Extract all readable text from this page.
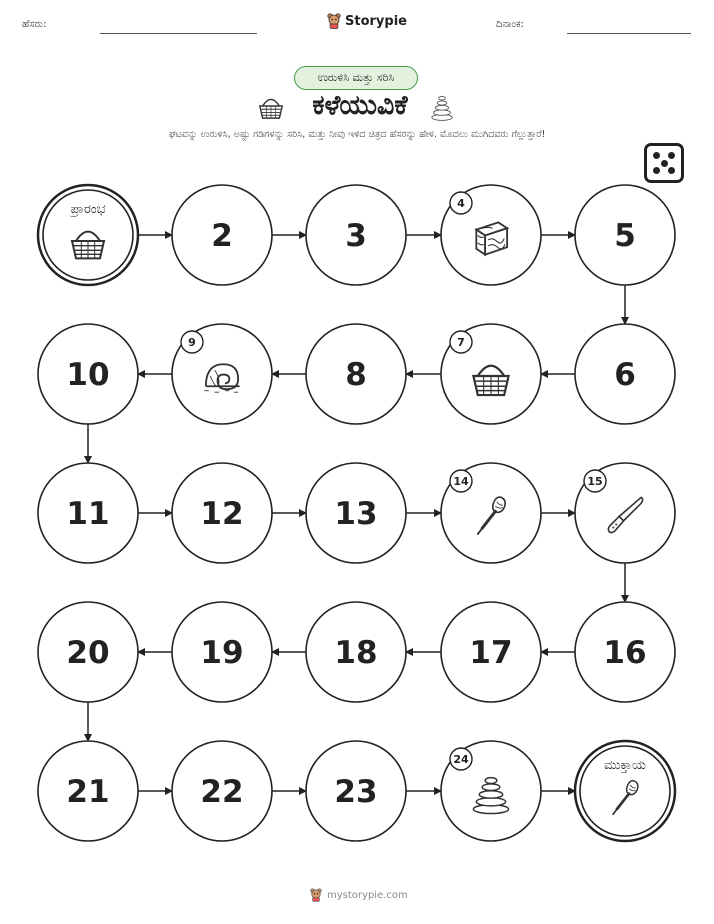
ಹೆಸರು:	Storypie	ದಿನಾಂಕ:
ಉರುಳಿಸಿ ಮತ್ತು ಸರಿಸಿ
ಕಳೆಯುವಿಕೆ
ಘಟವನ್ನು ಉರುಳಿಸಿ, ಅಷ್ಟು ಗಡಿಗಳನ್ನು ಸರಿಸಿ, ಮತ್ತು ನೀವು ಇಳಿದ ಚಿತ್ರದ ಹೆಸರನ್ನು ಹೇಳಿ. ಮೊದಲು ಮುಗಿದವರು ಗೆಲ್ಲುತ್ತಾರೆ!
ಪ್ರಾರಂಭ
2	3
4
5
6
7
8
9
10
11	12	13
14	15
16
17
18
19
20
21	22	23
24	ಮುಕ್ತಾಯ
mystorypie.com
